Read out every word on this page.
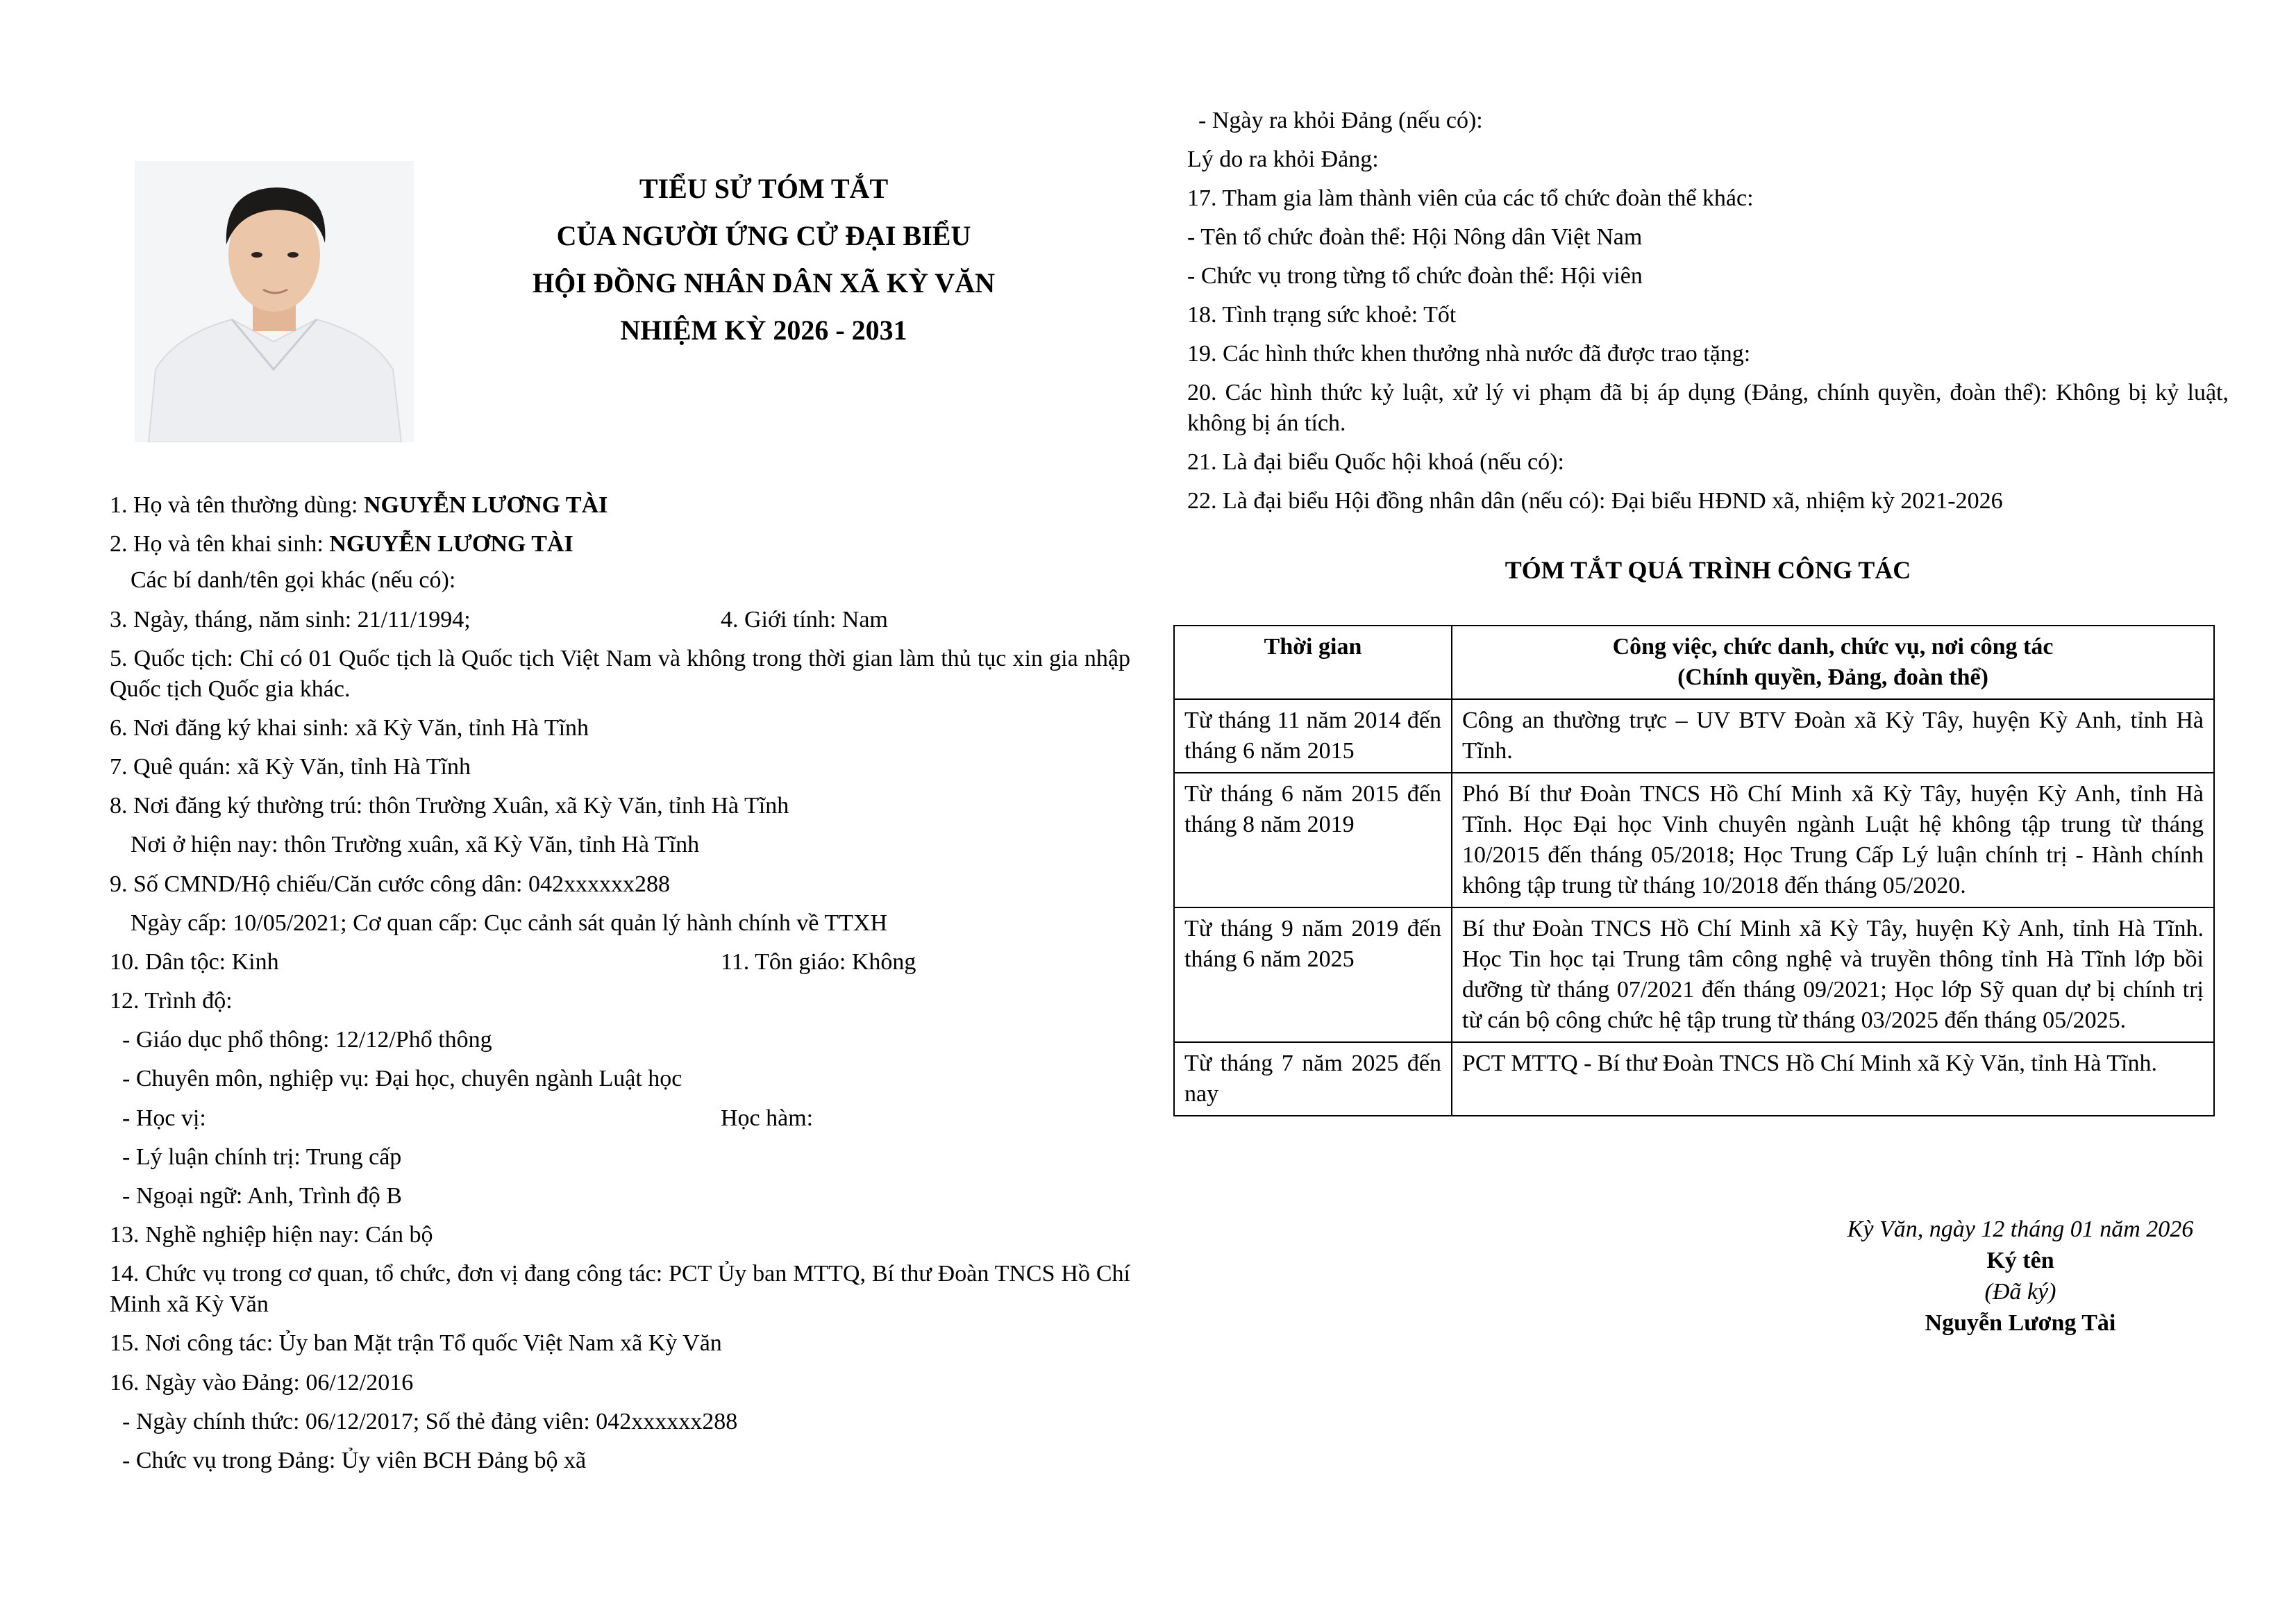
TIỂU SỬ TÓM TẮT
CỦA NGƯỜI ỨNG CỬ ĐẠI BIỂU
HỘI ĐỒNG NHÂN DÂN XÃ KỲ VĂN
NHIỆM KỲ 2026 - 2031
1. Họ và tên thường dùng: NGUYỄN LƯƠNG TÀI
2. Họ và tên khai sinh: NGUYỄN LƯƠNG TÀI
Các bí danh/tên gọi khác (nếu có):
3. Ngày, tháng, năm sinh: 21/11/1994;	4. Giới tính: Nam
5. Quốc tịch: Chỉ có 01 Quốc tịch là Quốc tịch Việt Nam và không trong thời gian làm thủ tục xin gia nhập Quốc tịch Quốc gia khác.
6. Nơi đăng ký khai sinh: xã Kỳ Văn, tỉnh Hà Tĩnh
7. Quê quán: xã Kỳ Văn, tỉnh Hà Tĩnh
8. Nơi đăng ký thường trú: thôn Trường Xuân, xã Kỳ Văn, tỉnh Hà Tĩnh
Nơi ở hiện nay: thôn Trường xuân, xã Kỳ Văn, tỉnh Hà Tĩnh
9. Số CMND/Hộ chiếu/Căn cước công dân: 042xxxxxx288
Ngày cấp: 10/05/2021; Cơ quan cấp: Cục cảnh sát quản lý hành chính về TTXH
10. Dân tộc: Kinh	11. Tôn giáo: Không
12. Trình độ:
- Giáo dục phổ thông: 12/12/Phổ thông
- Chuyên môn, nghiệp vụ: Đại học, chuyên ngành Luật học
- Học vị:	Học hàm:
- Lý luận chính trị: Trung cấp
- Ngoại ngữ: Anh, Trình độ B
13. Nghề nghiệp hiện nay: Cán bộ
14. Chức vụ trong cơ quan, tổ chức, đơn vị đang công tác: PCT Ủy ban MTTQ, Bí thư Đoàn TNCS Hồ Chí Minh xã Kỳ Văn
15. Nơi công tác: Ủy ban Mặt trận Tổ quốc Việt Nam xã Kỳ Văn
16. Ngày vào Đảng: 06/12/2016
- Ngày chính thức: 06/12/2017; Số thẻ đảng viên: 042xxxxxx288
- Chức vụ trong Đảng: Ủy viên BCH Đảng bộ xã
- Ngày ra khỏi Đảng (nếu có):
Lý do ra khỏi Đảng:
17. Tham gia làm thành viên của các tổ chức đoàn thể khác:
- Tên tổ chức đoàn thể: Hội Nông dân Việt Nam
- Chức vụ trong từng tổ chức đoàn thể: Hội viên
18. Tình trạng sức khoẻ: Tốt
19. Các hình thức khen thưởng nhà nước đã được trao tặng:
20. Các hình thức kỷ luật, xử lý vi phạm đã bị áp dụng (Đảng, chính quyền, đoàn thể): Không bị kỷ luật, không bị án tích.
21. Là đại biểu Quốc hội khoá (nếu có):
22. Là đại biểu Hội đồng nhân dân (nếu có): Đại biểu HĐND xã, nhiệm kỳ 2021-2026
TÓM TẮT QUÁ TRÌNH CÔNG TÁC
Thời gian	Công việc, chức danh, chức vụ, nơi công tác
(Chính quyền, Đảng, đoàn thể)

Từ tháng 11 năm 2014 đến tháng 6 năm 2015	Công an thường trực – UV BTV Đoàn xã Kỳ Tây, huyện Kỳ Anh, tỉnh Hà Tĩnh.
Từ tháng 6 năm 2015 đến tháng 8 năm 2019	Phó Bí thư Đoàn TNCS Hồ Chí Minh xã Kỳ Tây, huyện Kỳ Anh, tỉnh Hà Tĩnh. Học Đại học Vinh chuyên ngành Luật hệ không tập trung từ tháng 10/2015 đến tháng 05/2018; Học Trung Cấp Lý luận chính trị - Hành chính không tập trung từ tháng 10/2018 đến tháng 05/2020.
Từ tháng 9 năm 2019 đến tháng 6 năm 2025	Bí thư Đoàn TNCS Hồ Chí Minh xã Kỳ Tây, huyện Kỳ Anh, tỉnh Hà Tĩnh. Học Tin học tại Trung tâm công nghệ và truyền thông tỉnh Hà Tĩnh lớp bồi dưỡng từ tháng 07/2021 đến tháng 09/2021; Học lớp Sỹ quan dự bị chính trị từ cán bộ công chức hệ tập trung từ tháng 03/2025 đến tháng 05/2025.
Từ tháng 7 năm 2025 đến nay	PCT MTTQ - Bí thư Đoàn TNCS Hồ Chí Minh xã Kỳ Văn, tỉnh Hà Tĩnh.
Kỳ Văn, ngày 12 tháng 01 năm 2026
Ký tên
(Đã ký)
Nguyễn Lương Tài
